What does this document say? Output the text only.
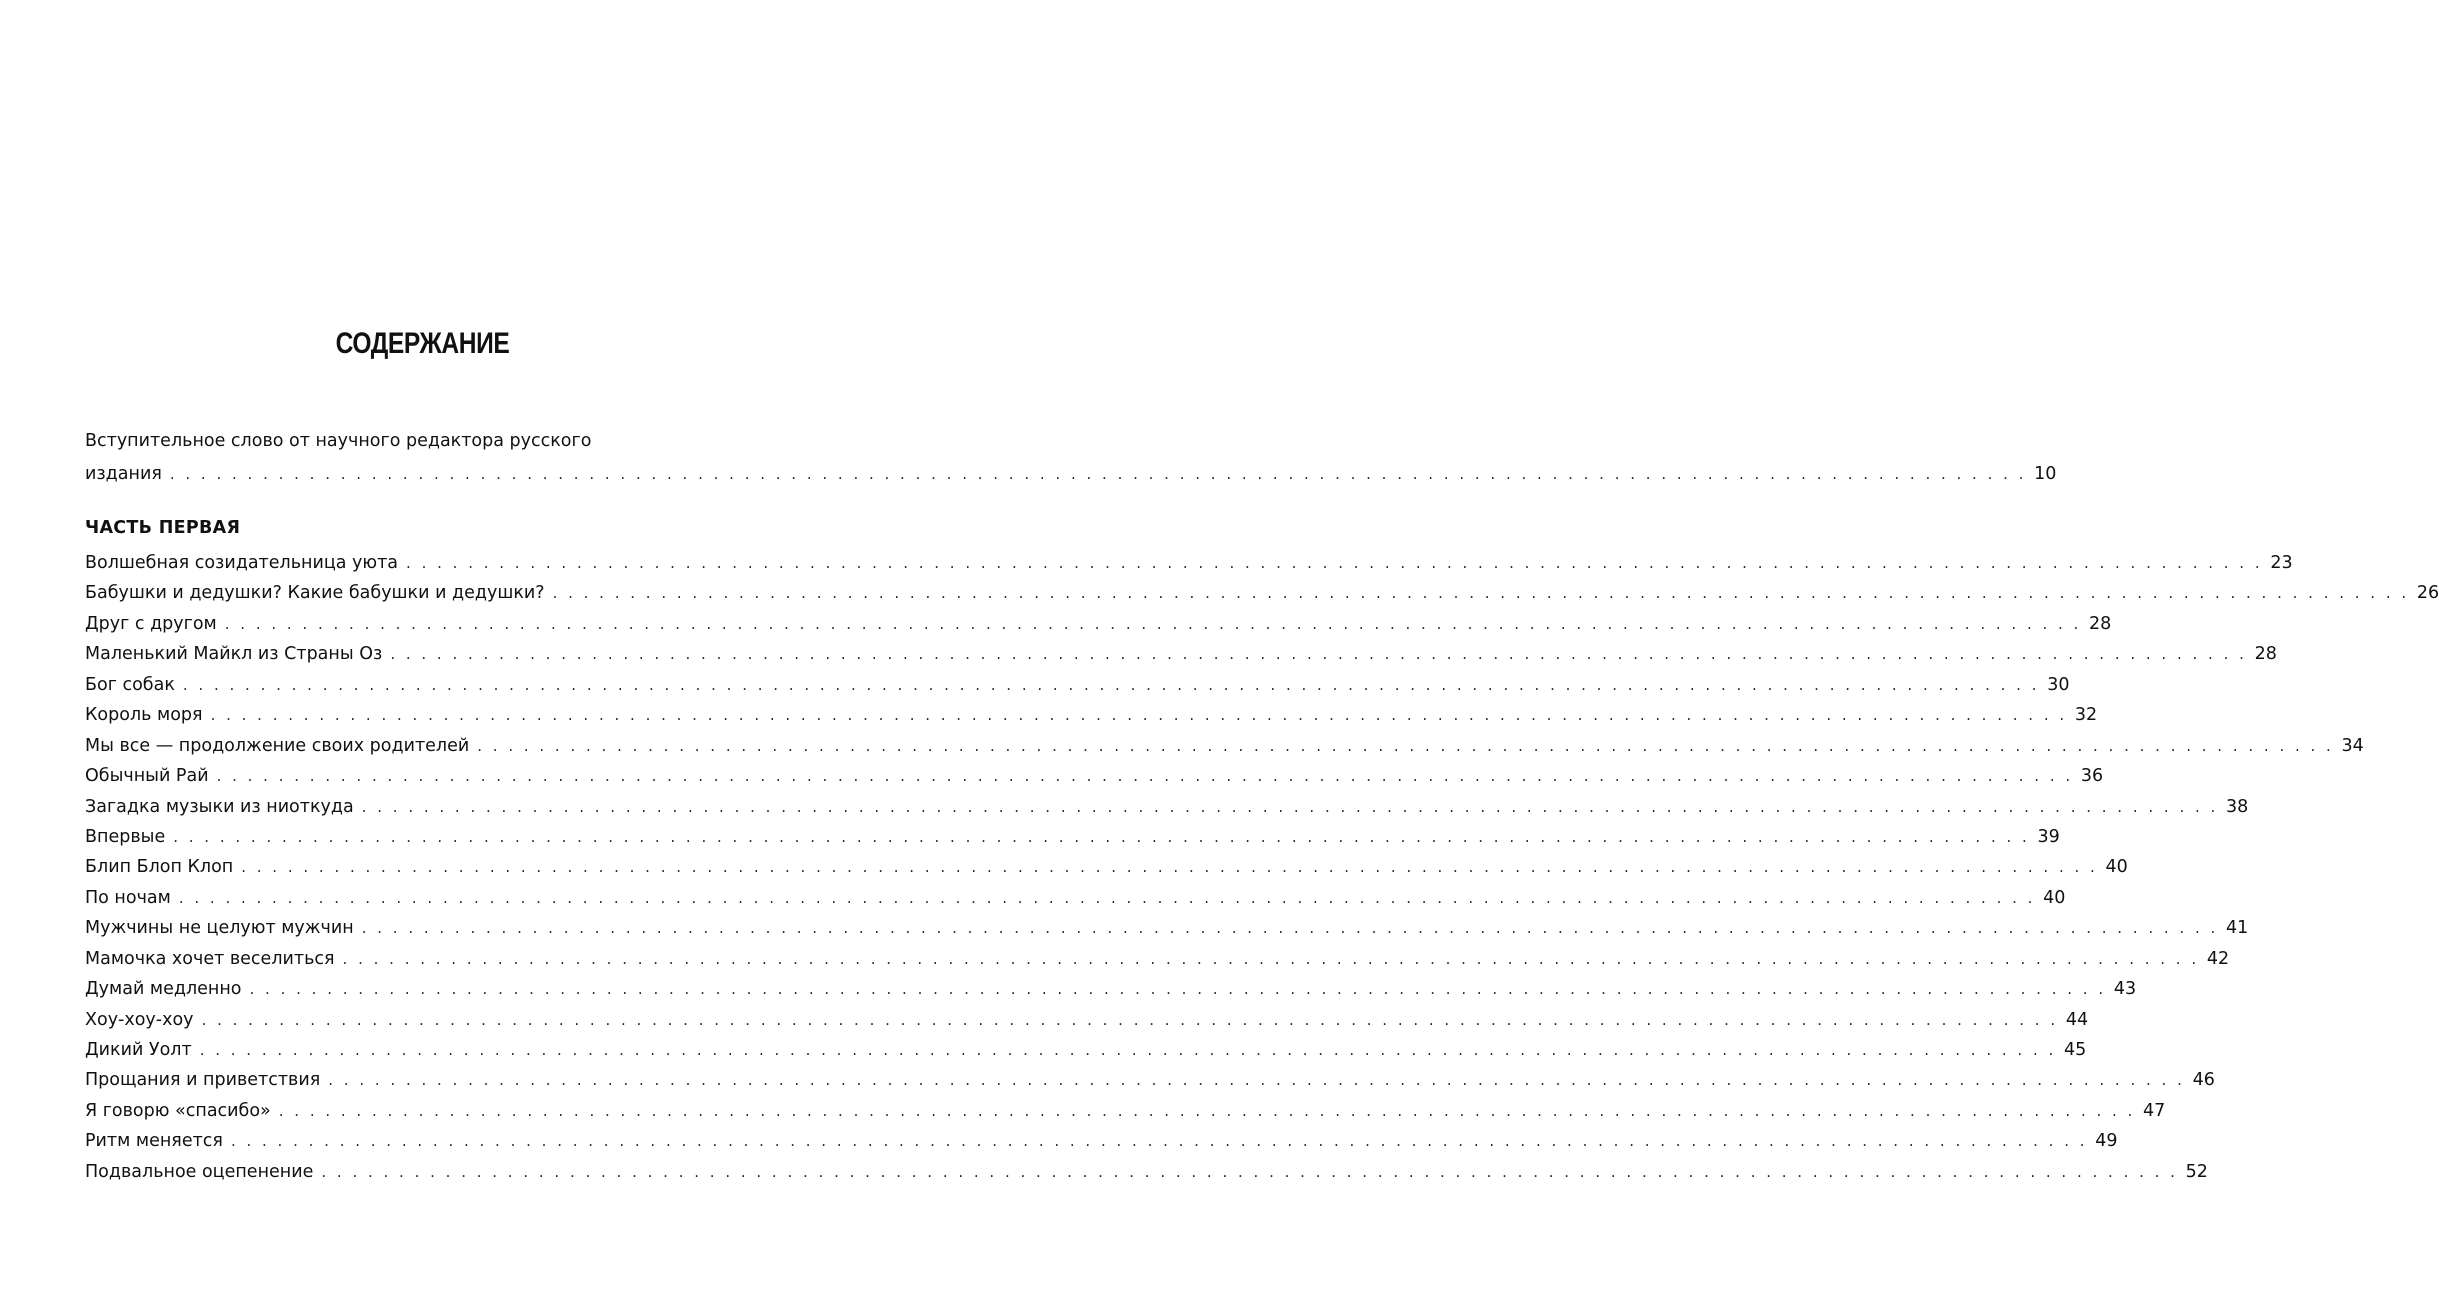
СОДЕРЖАНИЕ
Вступительное слово от научного редактора русского
издания . . . . . . . . . . . . . . . . . . . . . . . . . . . . . . . . . . . . . . . . . . . . . . . . . . . . . . . . . . . . . . . . . . . . . . . . . . . . . . . . . . . . . . . . . . . . . . . . . . . . . . . . . . . . . . . . . . . . . . . . 10
ЧАСТЬ ПЕРВАЯ
Волшебная созидательница уюта . . . . . . . . . . . . . . . . . . . . . . . . . . . . . . . . . . . . . . . . . . . . . . . . . . . . . . . . . . . . . . . . . . . . . . . . . . . . . . . . . . . . . . . . . . . . . . . . . . . . . . . . . . . . . . . . . . . . . . . . 23
Бабушки и дедушки? Какие бабушки и дедушки? . . . . . . . . . . . . . . . . . . . . . . . . . . . . . . . . . . . . . . . . . . . . . . . . . . . . . . . . . . . . . . . . . . . . . . . . . . . . . . . . . . . . . . . . . . . . . . . . . . . . . . . . . . . . . . . . . . . . . . . . 26
Друг с другом . . . . . . . . . . . . . . . . . . . . . . . . . . . . . . . . . . . . . . . . . . . . . . . . . . . . . . . . . . . . . . . . . . . . . . . . . . . . . . . . . . . . . . . . . . . . . . . . . . . . . . . . . . . . . . . . . . . . . . . . 28
Маленький Майкл из Страны Оз . . . . . . . . . . . . . . . . . . . . . . . . . . . . . . . . . . . . . . . . . . . . . . . . . . . . . . . . . . . . . . . . . . . . . . . . . . . . . . . . . . . . . . . . . . . . . . . . . . . . . . . . . . . . . . . . . . . . . . . . 28
Бог собак . . . . . . . . . . . . . . . . . . . . . . . . . . . . . . . . . . . . . . . . . . . . . . . . . . . . . . . . . . . . . . . . . . . . . . . . . . . . . . . . . . . . . . . . . . . . . . . . . . . . . . . . . . . . . . . . . . . . . . . . 30
Король моря . . . . . . . . . . . . . . . . . . . . . . . . . . . . . . . . . . . . . . . . . . . . . . . . . . . . . . . . . . . . . . . . . . . . . . . . . . . . . . . . . . . . . . . . . . . . . . . . . . . . . . . . . . . . . . . . . . . . . . . . 32
Мы все — продолжение своих родителей . . . . . . . . . . . . . . . . . . . . . . . . . . . . . . . . . . . . . . . . . . . . . . . . . . . . . . . . . . . . . . . . . . . . . . . . . . . . . . . . . . . . . . . . . . . . . . . . . . . . . . . . . . . . . . . . . . . . . . . . 34
Обычный Рай . . . . . . . . . . . . . . . . . . . . . . . . . . . . . . . . . . . . . . . . . . . . . . . . . . . . . . . . . . . . . . . . . . . . . . . . . . . . . . . . . . . . . . . . . . . . . . . . . . . . . . . . . . . . . . . . . . . . . . . . 36
Загадка музыки из ниоткуда . . . . . . . . . . . . . . . . . . . . . . . . . . . . . . . . . . . . . . . . . . . . . . . . . . . . . . . . . . . . . . . . . . . . . . . . . . . . . . . . . . . . . . . . . . . . . . . . . . . . . . . . . . . . . . . . . . . . . . . . 38
Впервые . . . . . . . . . . . . . . . . . . . . . . . . . . . . . . . . . . . . . . . . . . . . . . . . . . . . . . . . . . . . . . . . . . . . . . . . . . . . . . . . . . . . . . . . . . . . . . . . . . . . . . . . . . . . . . . . . . . . . . . . 39
Блип Блоп Клоп . . . . . . . . . . . . . . . . . . . . . . . . . . . . . . . . . . . . . . . . . . . . . . . . . . . . . . . . . . . . . . . . . . . . . . . . . . . . . . . . . . . . . . . . . . . . . . . . . . . . . . . . . . . . . . . . . . . . . . . . 40
По ночам . . . . . . . . . . . . . . . . . . . . . . . . . . . . . . . . . . . . . . . . . . . . . . . . . . . . . . . . . . . . . . . . . . . . . . . . . . . . . . . . . . . . . . . . . . . . . . . . . . . . . . . . . . . . . . . . . . . . . . . . 40
Мужчины не целуют мужчин . . . . . . . . . . . . . . . . . . . . . . . . . . . . . . . . . . . . . . . . . . . . . . . . . . . . . . . . . . . . . . . . . . . . . . . . . . . . . . . . . . . . . . . . . . . . . . . . . . . . . . . . . . . . . . . . . . . . . . . . 41
Мамочка хочет веселиться . . . . . . . . . . . . . . . . . . . . . . . . . . . . . . . . . . . . . . . . . . . . . . . . . . . . . . . . . . . . . . . . . . . . . . . . . . . . . . . . . . . . . . . . . . . . . . . . . . . . . . . . . . . . . . . . . . . . . . . . 42
Думай медленно . . . . . . . . . . . . . . . . . . . . . . . . . . . . . . . . . . . . . . . . . . . . . . . . . . . . . . . . . . . . . . . . . . . . . . . . . . . . . . . . . . . . . . . . . . . . . . . . . . . . . . . . . . . . . . . . . . . . . . . . 43
Хоу-хоу-хоу . . . . . . . . . . . . . . . . . . . . . . . . . . . . . . . . . . . . . . . . . . . . . . . . . . . . . . . . . . . . . . . . . . . . . . . . . . . . . . . . . . . . . . . . . . . . . . . . . . . . . . . . . . . . . . . . . . . . . . . . 44
Дикий Уолт . . . . . . . . . . . . . . . . . . . . . . . . . . . . . . . . . . . . . . . . . . . . . . . . . . . . . . . . . . . . . . . . . . . . . . . . . . . . . . . . . . . . . . . . . . . . . . . . . . . . . . . . . . . . . . . . . . . . . . . . 45
Прощания и приветствия . . . . . . . . . . . . . . . . . . . . . . . . . . . . . . . . . . . . . . . . . . . . . . . . . . . . . . . . . . . . . . . . . . . . . . . . . . . . . . . . . . . . . . . . . . . . . . . . . . . . . . . . . . . . . . . . . . . . . . . . 46
Я говорю «спасибо» . . . . . . . . . . . . . . . . . . . . . . . . . . . . . . . . . . . . . . . . . . . . . . . . . . . . . . . . . . . . . . . . . . . . . . . . . . . . . . . . . . . . . . . . . . . . . . . . . . . . . . . . . . . . . . . . . . . . . . . . 47
Ритм меняется . . . . . . . . . . . . . . . . . . . . . . . . . . . . . . . . . . . . . . . . . . . . . . . . . . . . . . . . . . . . . . . . . . . . . . . . . . . . . . . . . . . . . . . . . . . . . . . . . . . . . . . . . . . . . . . . . . . . . . . . 49
Подвальное оцепенение . . . . . . . . . . . . . . . . . . . . . . . . . . . . . . . . . . . . . . . . . . . . . . . . . . . . . . . . . . . . . . . . . . . . . . . . . . . . . . . . . . . . . . . . . . . . . . . . . . . . . . . . . . . . . . . . . . . . . . . . 52
